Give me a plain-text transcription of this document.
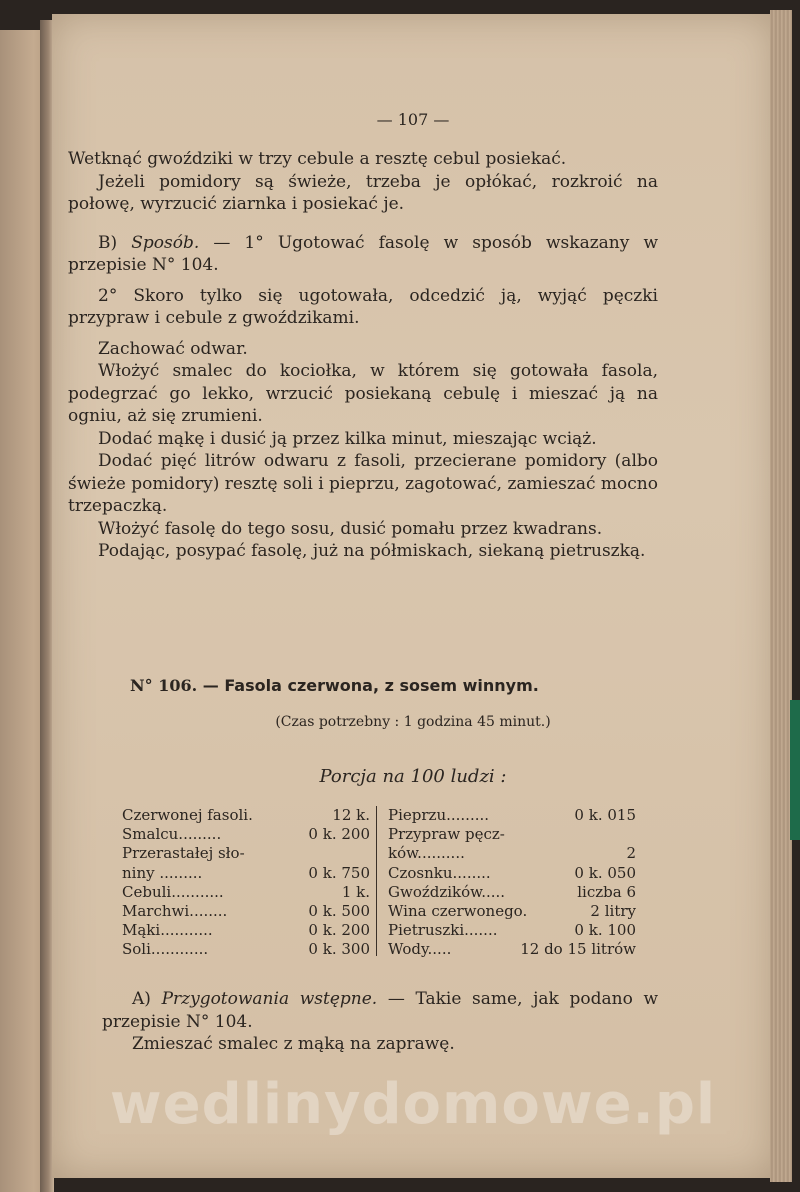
— 107 —

Wetknąć gwoździki w trzy cebule a resztę cebul posiekać.

Jeżeli pomidory są świeże, trzeba je opłókać, rozkroić na połowę, wyrzucić ziarnka i posiekać je.

B) Sposób. — 1° Ugotować fasolę w sposób wskazany w przepisie N° 104.

2° Skoro tylko się ugotowała, odcedzić ją, wyjąć pęczki przypraw i cebule z gwoździkami.

Zachować odwar.

Włożyć smalec do kociołka, w którem się gotowała fasola, podegrzać go lekko, wrzucić posiekaną cebulę i mieszać ją na ogniu, aż się zrumieni.

Dodać mąkę i dusić ją przez kilka minut, mieszając wciąż.

Dodać pięć litrów odwaru z fasoli, przecierane pomidory (albo świeże pomidory) resztę soli i pieprzu, zagotować, zamieszać mocno trzepaczką.

Włożyć fasolę do tego sosu, dusić pomału przez kwadrans.

Podając, posypać fasolę, już na półmiskach, siekaną pietruszką.

N° 106. — Fasola czerwona, z sosem winnym.
(Czas potrzebny : 1 godzina 45 minut.)
Porcja na 100 ludzi :
Czerwonej fasoli.	12 k.
Smalcu.........	0 k. 200
Przerastałej sło-
niny .........	0 k. 750
Cebuli...........	1 k.
Marchwi........	0 k. 500
Mąki...........	0 k. 200
Soli............	0 k. 300
Pieprzu.........	0 k. 015
Przypraw pęcz-
ków..........	2
Czosnku........	0 k. 050
Gwoździków.....	liczba 6
Wina czerwonego.	2 litry
Pietruszki.......	0 k. 100
Wody.....	12 do 15 litrów

A) Przygotowania wstępne. — Takie same, jak podano w przepisie N° 104.

Zmieszać smalec z mąką na zaprawę.

wedlinydomowe.pl
